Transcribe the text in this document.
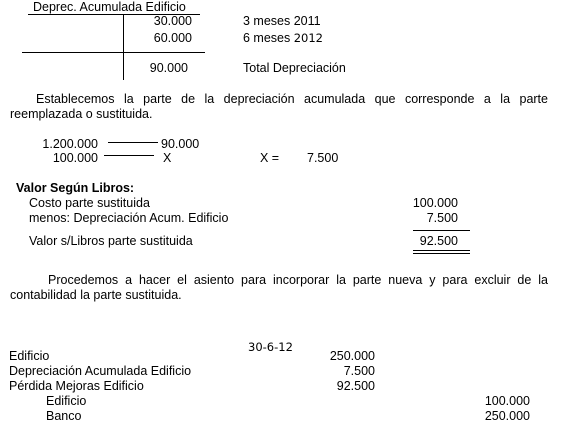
Deprec. Acumulada Edificio
30.000	3 meses 2011
60.000	6 meses 2012
90.000	Total Depreciación
Establecemos la parte de la depreciación acumulada que corresponde a la parte reemplazada o sustituida.
1.200.000	90.000
100.000	X	X = 7.500
Valor Según Libros:
Costo parte sustituida	100.000
menos: Depreciación Acum. Edificio	7.500
Valor s/Libros parte sustituida	92.500
Procedemos a hacer el asiento para incorporar la parte nueva y para excluir de la contabilidad la parte sustituida.
30-6-12
Edificio	250.000
Depreciación Acumulada Edificio	7.500
Pérdida Mejoras Edificio	92.500
Edificio	100.000
Banco	250.000
